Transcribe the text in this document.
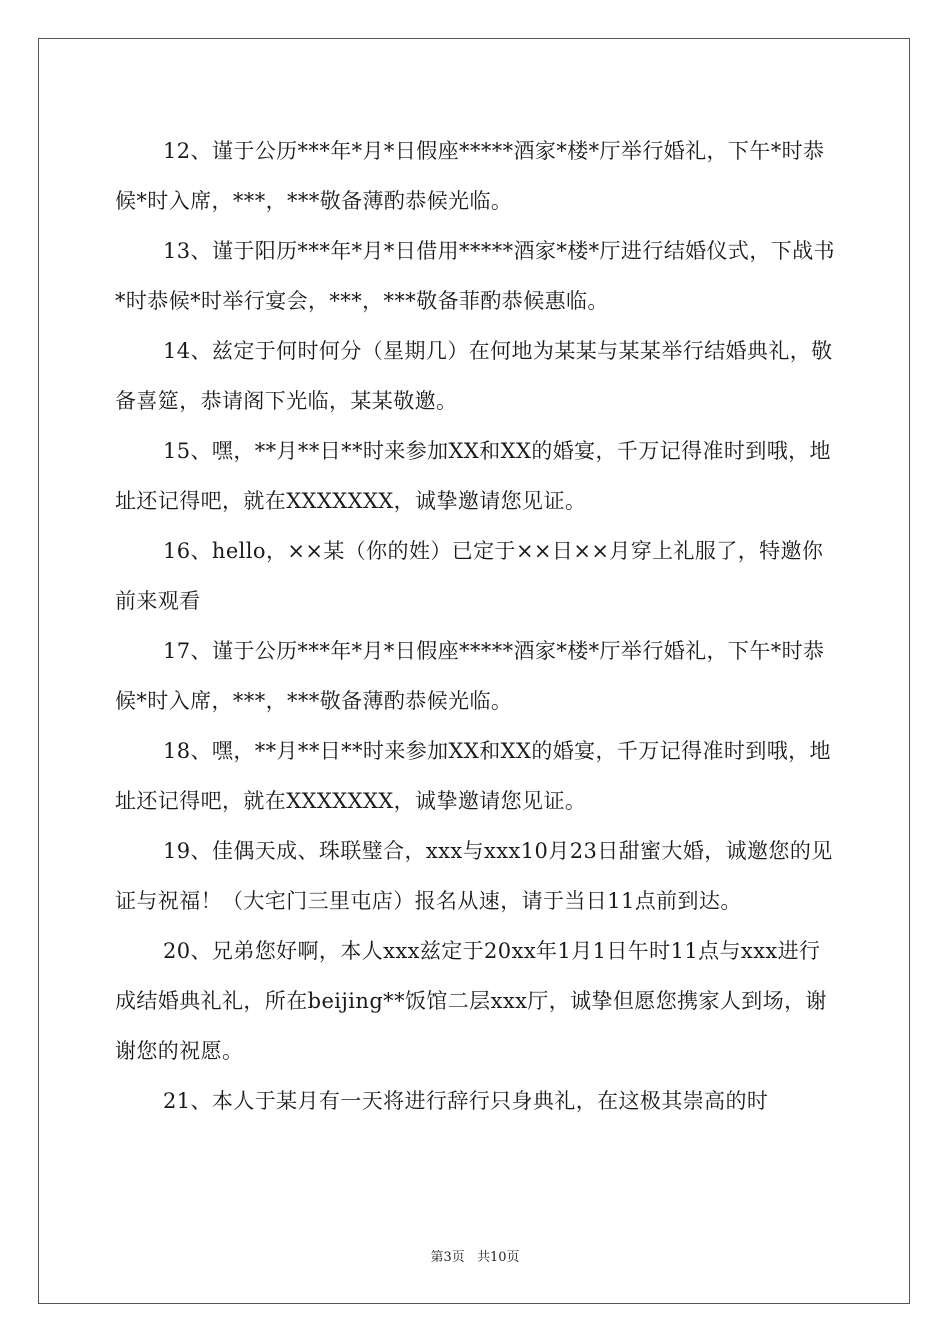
12、谨于公历***年*月*日假座*****酒家*楼*厅举行婚礼，下午*时恭候*时入席，***，***敬备薄酌恭候光临。

13、谨于阳历***年*月*日借用*****酒家*楼*厅进行结婚仪式，下战书*时恭候*时举行宴会，***，***敬备菲酌恭候惠临。

14、兹定于何时何分（星期几）在何地为某某与某某举行结婚典礼，敬备喜筵，恭请阁下光临，某某敬邀。

15、嘿，**月**日**时来参加XX和XX的婚宴，千万记得准时到哦，地址还记得吧，就在XXXXXXX，诚挚邀请您见证。

16、hello，××某（你的姓）已定于××日××月穿上礼服了，特邀你前来观看

17、谨于公历***年*月*日假座*****酒家*楼*厅举行婚礼，下午*时恭候*时入席，***，***敬备薄酌恭候光临。

18、嘿，**月**日**时来参加XX和XX的婚宴，千万记得准时到哦，地址还记得吧，就在XXXXXXX，诚挚邀请您见证。

19、佳偶天成、珠联璧合，xxx与xxx10月23日甜蜜大婚，诚邀您的见证与祝福！（大宅门三里屯店）报名从速，请于当日11点前到达。

20、兄弟您好啊，本人xxx兹定于20xx年1月1日午时11点与xxx进行成结婚典礼礼，所在beijing**饭馆二层xxx厅，诚挚但愿您携家人到场，谢谢您的祝愿。

21、本人于某月有一天将进行辞行只身典礼，在这极其崇高的时

第3页 共10页
